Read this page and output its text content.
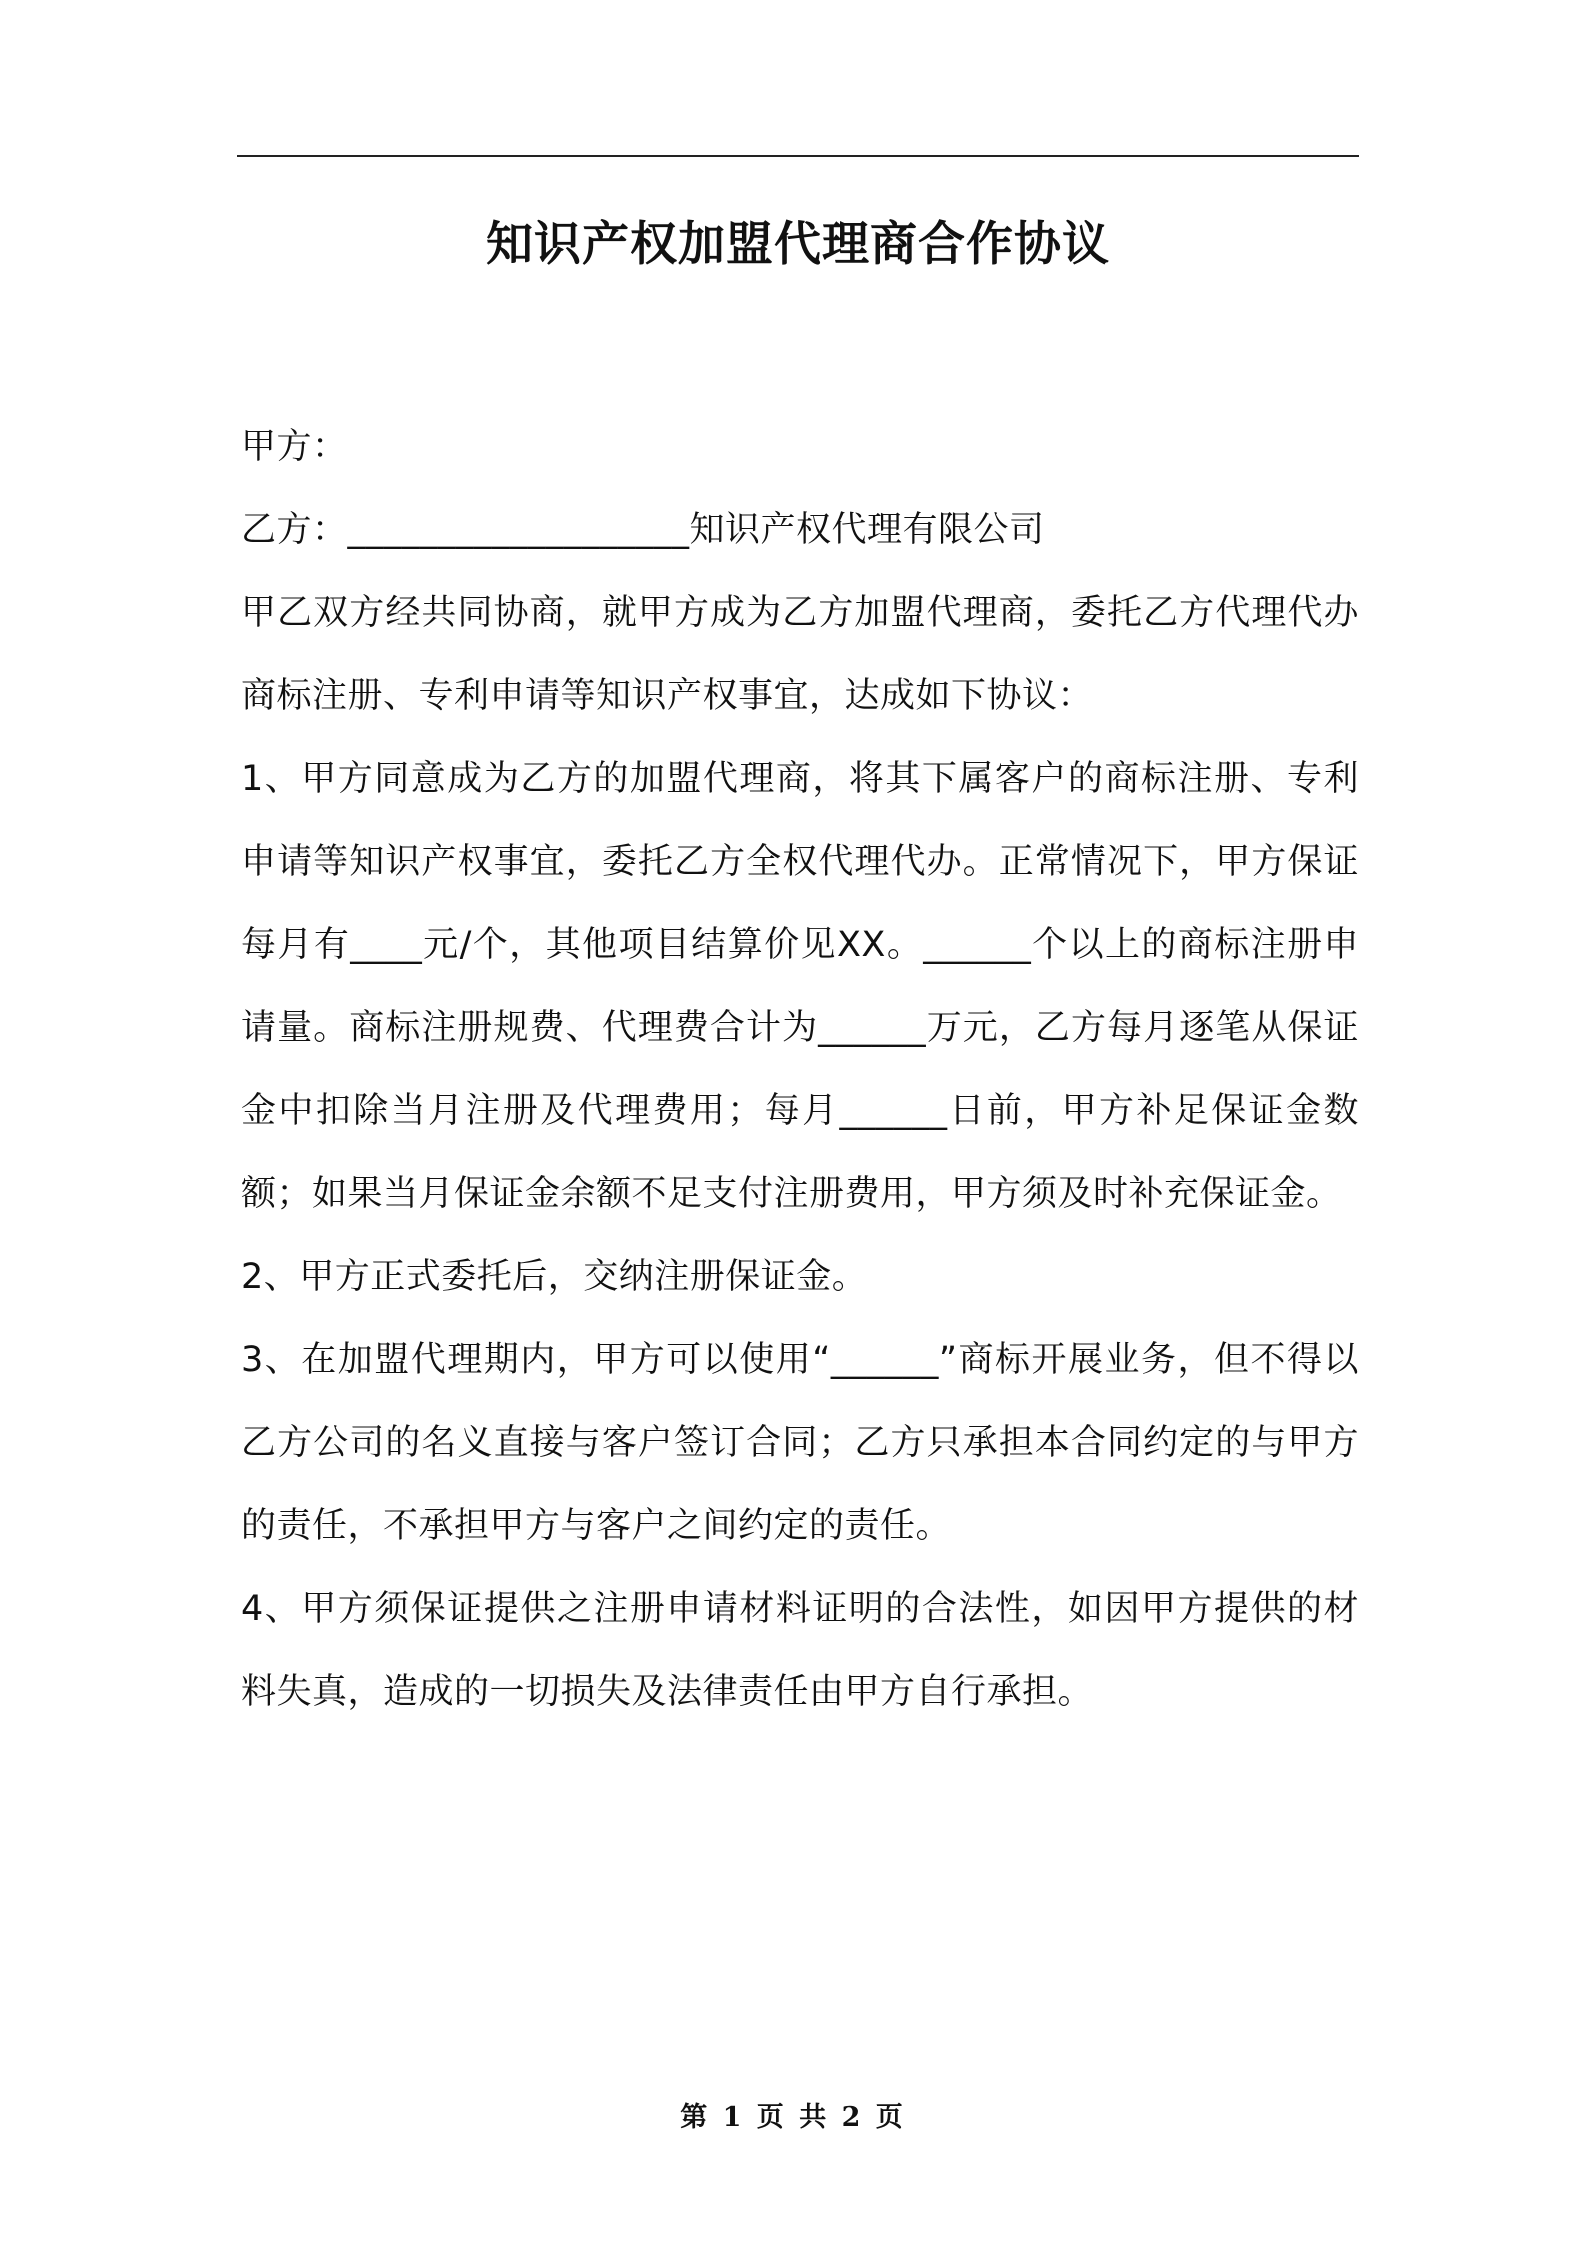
知识产权加盟代理商合作协议

甲方：

乙方：___________________知识产权代理有限公司

甲乙双方经共同协商，就甲方成为乙方加盟代理商，委托乙方代理代办商标注册、专利申请等知识产权事宜，达成如下协议：

1、甲方同意成为乙方的加盟代理商，将其下属客户的商标注册、专利申请等知识产权事宜，委托乙方全权代理代办。正常情况下，甲方保证每月有____元/个，其他项目结算价见XX。______个以上的商标注册申请量。商标注册规费、代理费合计为______万元，乙方每月逐笔从保证金中扣除当月注册及代理费用；每月______日前，甲方补足保证金数额；如果当月保证金余额不足支付注册费用，甲方须及时补充保证金。

2、甲方正式委托后，交纳注册保证金。

3、在加盟代理期内，甲方可以使用“______”商标开展业务，但不得以乙方公司的名义直接与客户签订合同；乙方只承担本合同约定的与甲方的责任，不承担甲方与客户之间约定的责任。

4、甲方须保证提供之注册申请材料证明的合法性，如因甲方提供的材料失真，造成的一切损失及法律责任由甲方自行承担。

第 1 页 共 2 页
